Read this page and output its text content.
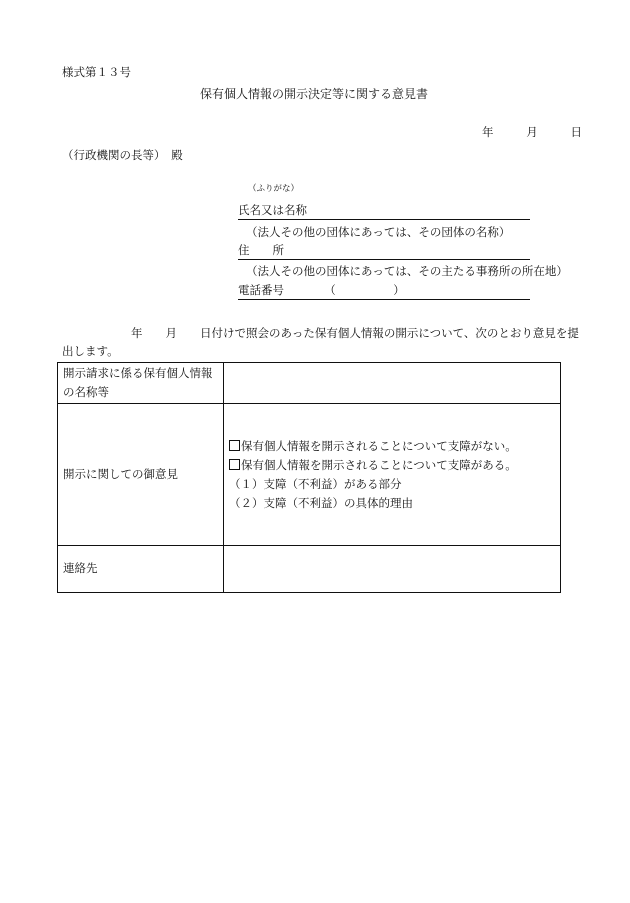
様式第１３号
保有個人情報の開示決定等に関する意見書
年	月	日
（行政機関の長等）　殿
（ふりがな）
氏名又は名称
（法人その他の団体にあっては、その団体の名称）
住　　所
（法人その他の団体にあっては、その主たる事務所の所在地）
電話番号　　　　（　　　　　）
　　　　　　年　　月　　日付けで照会のあった保有個人情報の開示について、次のとおり意見を提出します。
開示請求に係る保有個人情報の名称等	
開示に関しての御意見	保有個人情報を開示されることについて支障がない。
保有個人情報を開示されることについて支障がある。
（１）支障（不利益）がある部分
（２）支障（不利益）の具体的理由

連絡先	
